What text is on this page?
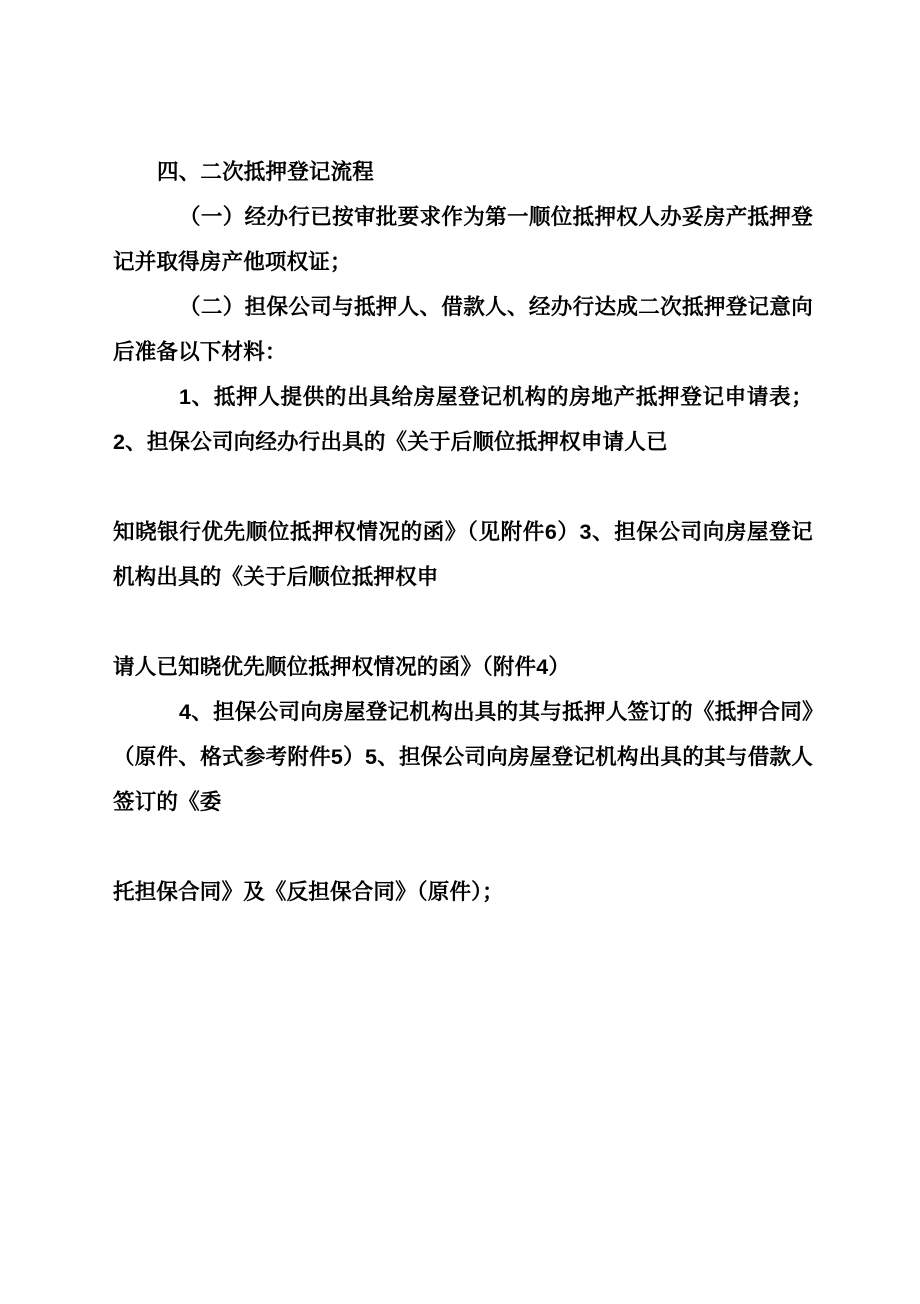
四、二次抵押登记流程

（一）经办行已按审批要求作为第一顺位抵押权人办妥房产抵押登记并取得房产他项权证；

（二）担保公司与抵押人、借款人、经办行达成二次抵押登记意向后准备以下材料：

1、抵押人提供的出具给房屋登记机构的房地产抵押登记申请表；2、担保公司向经办行出具的《关于后顺位抵押权申请人已

知晓银行优先顺位抵押权情况的函》（见附件6）3、担保公司向房屋登记机构出具的《关于后顺位抵押权申

请人已知晓优先顺位抵押权情况的函》（附件4）

4、担保公司向房屋登记机构出具的其与抵押人签订的《抵押合同》（原件、格式参考附件5）5、担保公司向房屋登记机构出具的其与借款人签订的《委

托担保合同》及《反担保合同》（原件）；
